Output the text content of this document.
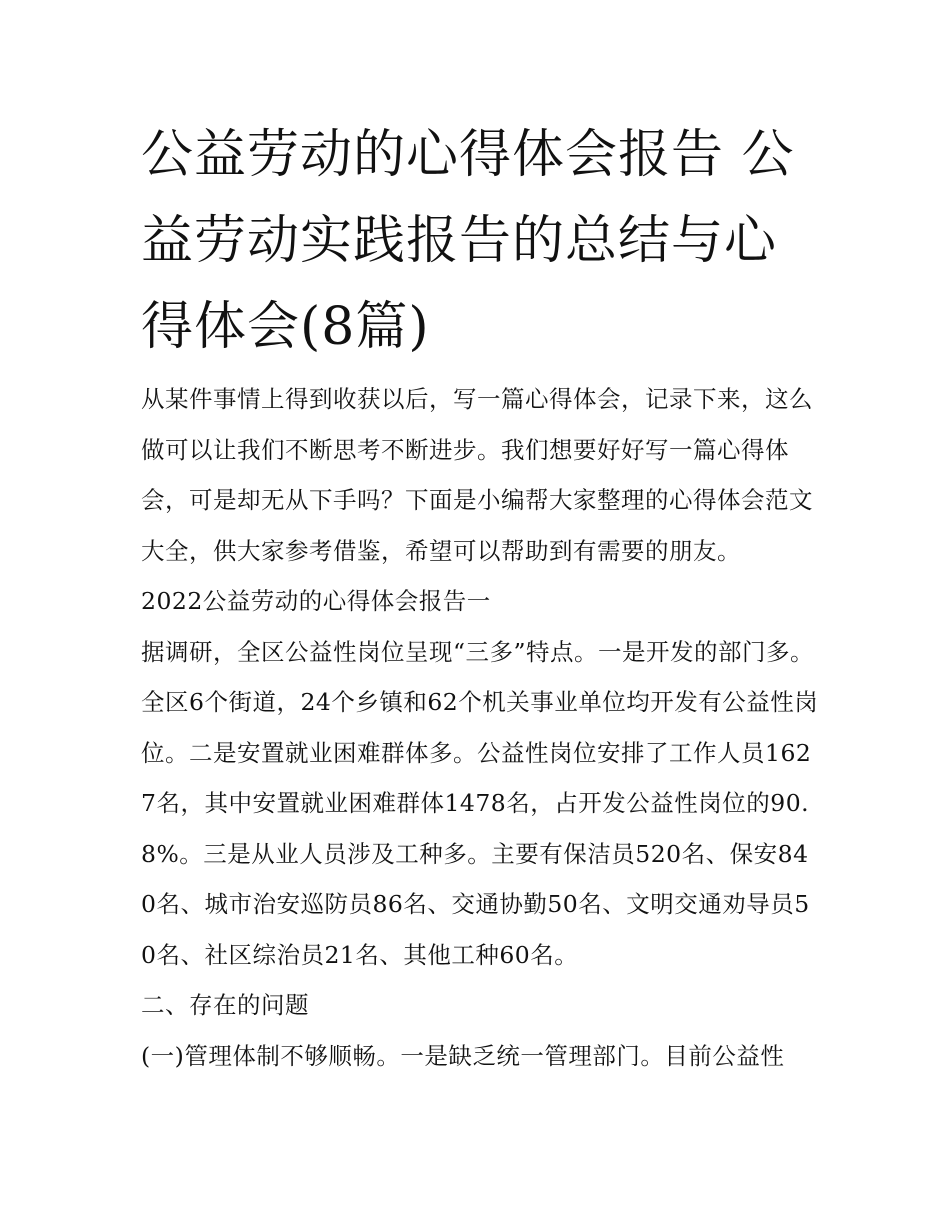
公益劳动的心得体会报告 公益劳动实践报告的总结与心得体会(8篇)

从某件事情上得到收获以后，写一篇心得体会，记录下来，这么做可以让我们不断思考不断进步。我们想要好好写一篇心得体会，可是却无从下手吗？下面是小编帮大家整理的心得体会范文大全，供大家参考借鉴，希望可以帮助到有需要的朋友。

2022公益劳动的心得体会报告一

据调研，全区公益性岗位呈现“三多”特点。一是开发的部门多。全区6个街道，24个乡镇和62个机关事业单位均开发有公益性岗位。二是安置就业困难群体多。公益性岗位安排了工作人员1627名，其中安置就业困难群体1478名，占开发公益性岗位的90.8%。三是从业人员涉及工种多。主要有保洁员520名、保安840名、城市治安巡防员86名、交通协勤50名、文明交通劝导员50名、社区综治员21名、其他工种60名。

二、存在的问题

(一)管理体制不够顺畅。一是缺乏统一管理部门。目前公益性
